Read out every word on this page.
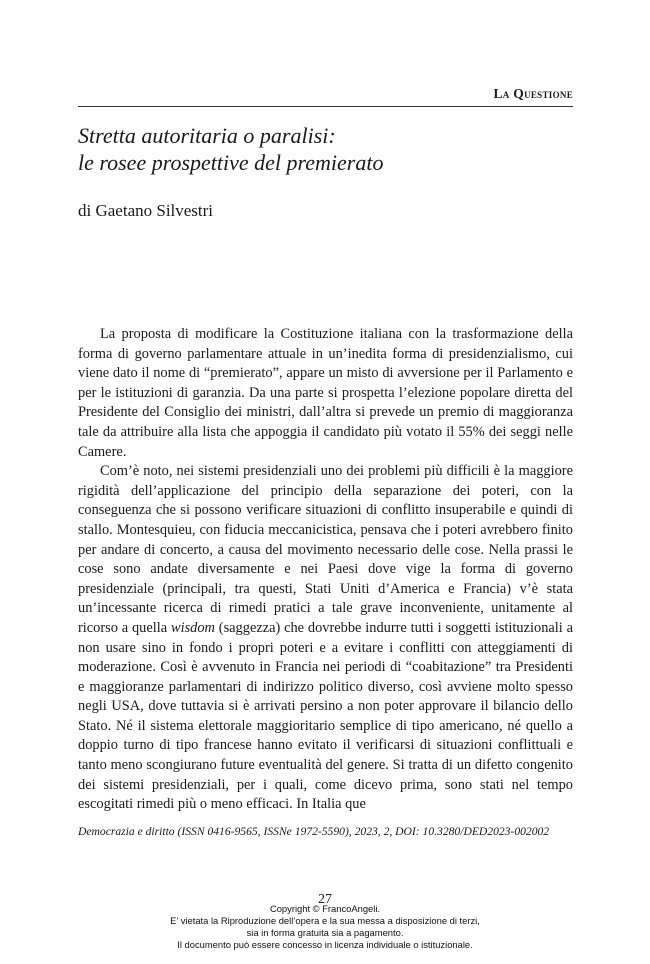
La Questione
Stretta autoritaria o paralisi:
le rosee prospettive del premierato
di Gaetano Silvestri

La proposta di modificare la Costituzione italiana con la trasformazione della forma di governo parlamentare attuale in un’inedita forma di presidenzialismo, cui viene dato il nome di “premierato”, appare un misto di avversione per il Parlamento e per le istituzioni di garanzia. Da una parte si prospetta l’elezione popolare diretta del Presidente del Consiglio dei ministri, dall’altra si prevede un premio di maggioranza tale da attribuire alla lista che appoggia il candidato più votato il 55% dei seggi nelle Camere.

Com’è noto, nei sistemi presidenziali uno dei problemi più difficili è la maggiore rigidità dell’applicazione del principio della separazione dei poteri, con la conseguenza che si possono verificare situazioni di conflitto insuperabile e quindi di stallo. Montesquieu, con fiducia meccanicistica, pensava che i poteri avrebbero finito per andare di concerto, a causa del movimento necessario delle cose. Nella prassi le cose sono andate diversamente e nei Paesi dove vige la forma di governo presidenziale (principali, tra questi, Stati Uniti d’America e Francia) v’è stata un’incessante ricerca di rimedi pratici a tale grave inconveniente, unitamente al ricorso a quella wisdom (saggezza) che dovrebbe indurre tutti i soggetti istituzionali a non usare sino in fondo i propri poteri e a evitare i conflitti con atteggiamenti di moderazione. Così è avvenuto in Francia nei periodi di “coabitazione” tra Presidenti e maggioranze parlamentari di indirizzo politico diverso, così avviene molto spesso negli USA, dove tuttavia si è arrivati persino a non poter approvare il bilancio dello Stato. Né il sistema elettorale maggioritario semplice di tipo americano, né quello a doppio turno di tipo francese hanno evitato il verificarsi di situazioni conflittuali e tanto meno scongiurano future eventualità del genere. Si tratta di un difetto congenito dei sistemi presidenziali, per i quali, come dicevo prima, sono stati nel tempo escogitati rimedi più o meno efficaci. In Italia que

Democrazia e diritto (ISSN 0416-9565, ISSNe 1972-5590), 2023, 2, DOI: 10.3280/DED2023-002002
27
Copyright © FrancoAngeli.
E’ vietata la Riproduzione dell’opera e la sua messa a disposizione di terzi,
sia in forma gratuita sia a pagamento.
Il documento può essere concesso in licenza individuale o istituzionale.
